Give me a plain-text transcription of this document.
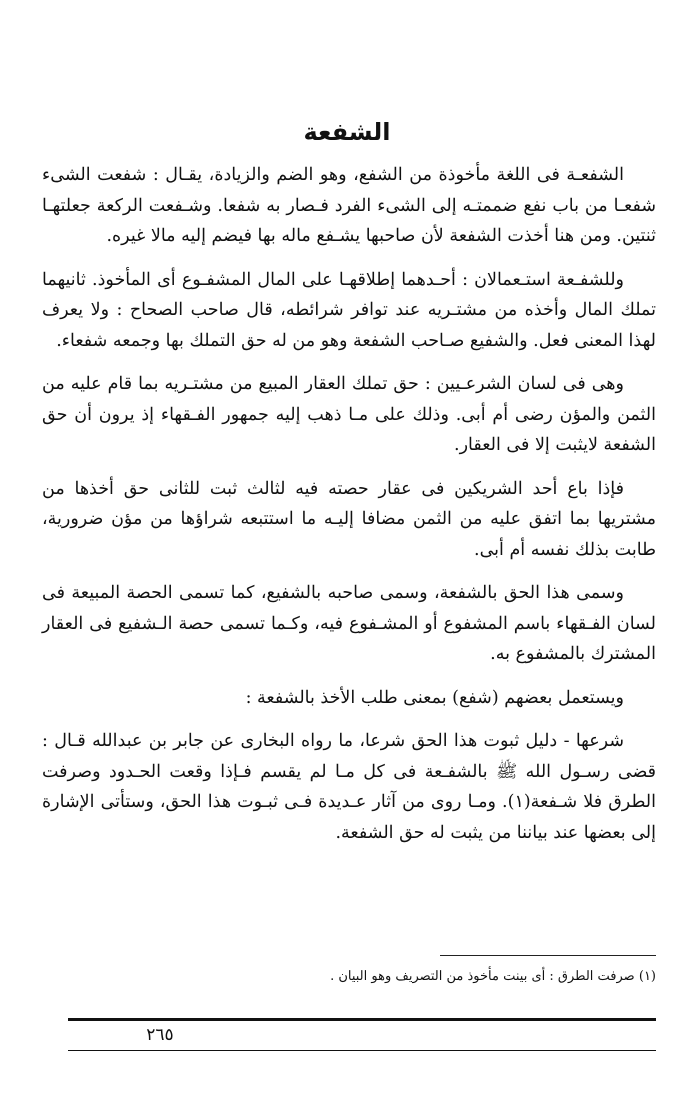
الشفعة

الشفعـة فى اللغة مأخوذة من الشفع، وهو الضم والزيادة، يقـال : شفعت الشىء شفعـا من باب نفع ضممتـه إلى الشىء الفرد فـصار به شفعا. وشـفعت الركعة جعلتهـا ثنتين. ومن هنا أخذت الشفعة لأن صاحبها يشـفع ماله بها فيضم إليه مالا غيره.

وللشفـعة استـعمالان : أحـدهما إطلاقهـا على المال المشفـوع أى المأخوذ. ثانيهما تملك المال وأخذه من مشتـريه عند توافر شرائطه، قال صاحب الصحاح : ولا يعرف لهذا المعنى فعل. والشفيع صـاحب الشفعة وهو من له حق التملك بها وجمعه شفعاء.

وهى فى لسان الشرعـيين : حق تملك العقار المبيع من مشتـريه بما قام عليه من الثمن والمؤن رضى أم أبى. وذلك على مـا ذهب إليه جمهور الفـقهاء إذ يرون أن حق الشفعة لايثبت إلا فى العقار.

فإذا باع أحد الشريكين فى عقار حصته فيه لثالث ثبت للثانى حق أخذها من مشتريها بما اتفق عليه من الثمن مضافا إليـه ما استتبعه شراؤها من مؤن ضرورية، طابت بذلك نفسه أم أبى.

وسمى هذا الحق بالشفعة، وسمى صاحبه بالشفيع، كما تسمى الحصة المبيعة فى لسان الفـقهاء باسم المشفوع أو المشـفوع فيه، وكـما تسمى حصة الـشفيع فى العقار المشترك بالمشفوع به.

ويستعمل بعضهم (شفع) بمعنى طلب الأخذ بالشفعة :

شرعها - دليل ثبوت هذا الحق شرعا، ما رواه البخارى عن جابر بن عبدالله قـال : قضى رسـول الله ﷺ بالشفـعة فى كل مـا لم يقسم فـإذا وقعت الحـدود وصرفت الطرق فلا شـفعة(١). ومـا روى من آثار عـديدة فـى ثبـوت هذا الحق، وستأتى الإشارة إلى بعضها عند بياننا من يثبت له حق الشفعة.

(١) صرفت الطرق : أى بينت مأخوذ من التصريف وهو البيان .
٢٦٥
